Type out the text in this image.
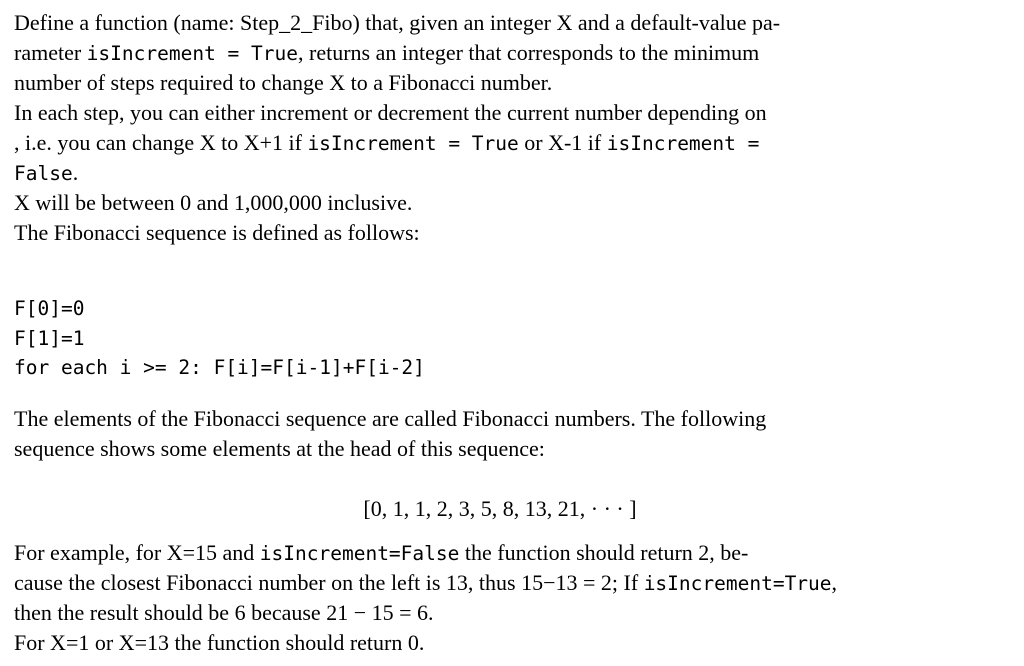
Define a function (name: Step_2_Fibo) that, given an integer X and a default-value pa-
rameter isIncrement = True, returns an integer that corresponds to the minimum
number of steps required to change X to a Fibonacci number.
In each step, you can either increment or decrement the current number depending on
, i.e. you can change X to X+1 if isIncrement = True or X-1 if isIncrement =
False.
X will be between 0 and 1,000,000 inclusive.
The Fibonacci sequence is defined as follows:
F[0]=0
F[1]=1
for each i >= 2: F[i]=F[i-1]+F[i-2]
The elements of the Fibonacci sequence are called Fibonacci numbers. The following
sequence shows some elements at the head of this sequence:
[0, 1, 1, 2, 3, 5, 8, 13, 21, · · · ]
For example, for X=15 and isIncrement=False the function should return 2, be-
cause the closest Fibonacci number on the left is 13, thus 15−13 = 2; If isIncrement=True,
then the result should be 6 because 21 − 15 = 6.
For X=1 or X=13 the function should return 0.
